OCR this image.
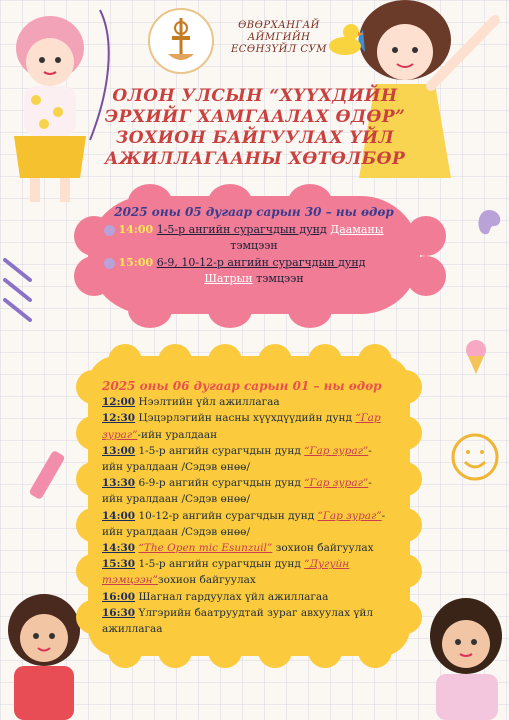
ӨВӨРХАНГАЙ
АЙМГИЙН
ЕСӨНЗҮЙЛ СУМ
ОЛОН УЛСЫН “ХҮҮХДИЙН
ЭРХИЙГ ХАМГААЛАХ ӨДӨР”
ЗОХИОН БАЙГУУЛАХ ҮЙЛ
АЖИЛЛАГААНЫ ХӨТӨЛБӨР
2025 оны 05 дугаар сарын 30 – ны өдөр
14:00 1-5-р ангийн сурагчдын дунд Дааманы
тэмцээн
15:00 6-9, 10-12-р ангийн сурагчдын дунд
Шатрын тэмцээн
2025 оны 06 дугаар сарын 01 – ны өдөр
12:00 Нээлтийн үйл ажиллагаа
12:30 Цэцэрлэгийн насны хүүхдүүдийн дунд “Гар зураг”-ийн уралдаан
13:00 1-5-р ангийн сурагчдын дунд “Гар зураг”-ийн уралдаан /Сэдэв өнөө/
13:30 6-9-р ангийн сурагчдын дунд “Гар зураг”-ийн уралдаан /Сэдэв өнөө/
14:00 10-12-р ангийн сурагчдын дунд “Гар зураг”-ийн уралдаан /Сэдэв өнөө/
14:30 “The Open mic Esunzuil” зохион байгуулах
15:30 1-5-р ангийн сурагчдын дунд “Дугуйн тэмцээн”зохион байгуулах
16:00 Шагнал гардуулах үйл ажиллагаа
16:30 Үлгэрийн баатруудтай зураг авхуулах үйл ажиллагаа
